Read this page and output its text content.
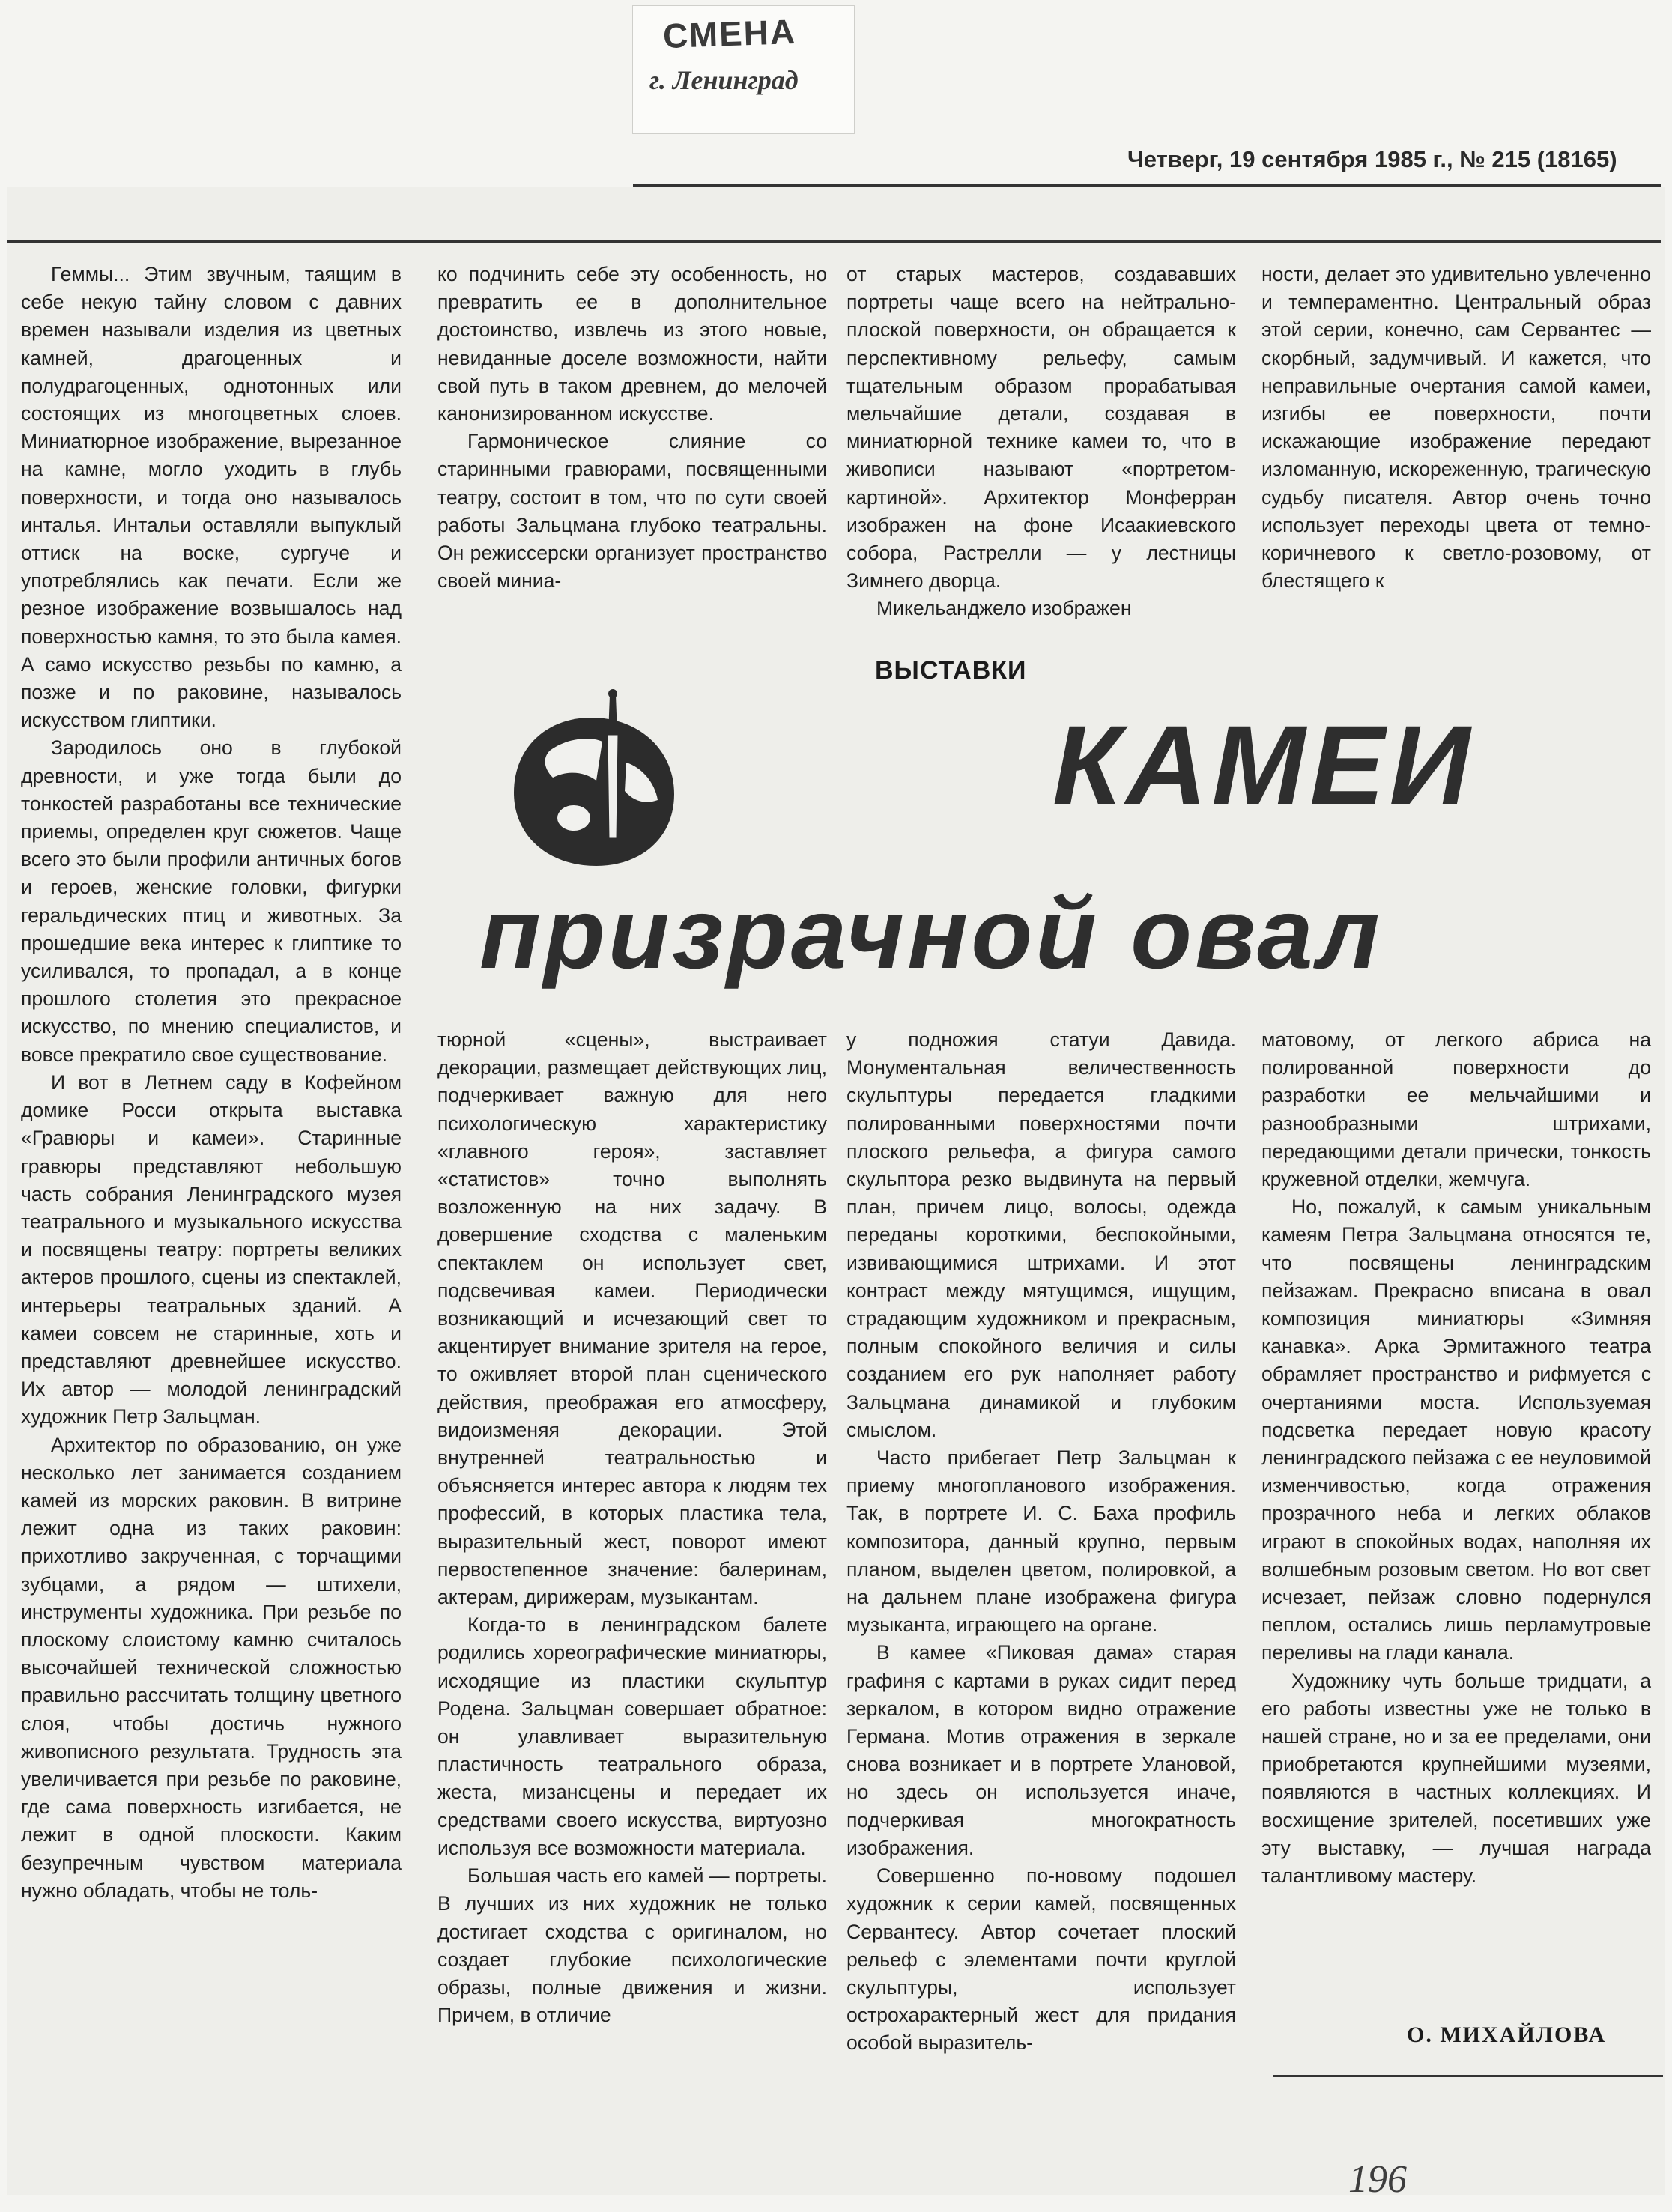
СМЕНА
г. Ленинград
Четверг, 19 сентября 1985 г., № 215 (18165)

Геммы... Этим звучным, таящим в себе некую тайну словом с давних времен называли изделия из цветных камней, драгоценных и полудрагоценных, однотонных или состоящих из многоцветных слоев. Миниатюрное изображение, вырезанное на камне, могло уходить в глубь поверхности, и тогда оно называлось инталья. Интальи оставляли выпуклый оттиск на воске, сургуче и употреблялись как печати. Если же резное изображение возвышалось над поверхностью камня, то это была камея. А само искусство резьбы по камню, а позже и по раковине, называлось искусством глиптики.

Зародилось оно в глубокой древности, и уже тогда были до тонкостей разработаны все технические приемы, определен круг сюжетов. Чаще всего это были профили античных богов и героев, женские головки, фигурки геральдических птиц и животных. За прошедшие века интерес к глиптике то усиливался, то пропадал, а в конце прошлого столетия это прекрасное искусство, по мнению специалистов, и вовсе прекратило свое существование.

И вот в Летнем саду в Кофейном домике Росси открыта выставка «Гравюры и камеи». Старинные гравюры представляют небольшую часть собрания Ленинградского музея театрального и музыкального искусства и посвящены театру: портреты великих актеров прошлого, сцены из спектаклей, интерьеры театральных зданий. А камеи совсем не старинные, хоть и представляют древнейшее искусство. Их автор — молодой ленинградский художник Петр Зальцман.

Архитектор по образованию, он уже несколько лет занимается созданием камей из морских раковин. В витрине лежит одна из таких раковин: прихотливо закрученная, с торчащими зубцами, а рядом — штихели, инструменты художника. При резьбе по плоскому слоистому камню считалось высочайшей технической сложностью правильно рассчитать толщину цветного слоя, чтобы достичь нужного живописного результата. Трудность эта увеличивается при резьбе по раковине, где сама поверхность изгибается, не лежит в одной плоскости. Каким безупречным чувством материала нужно обладать, чтобы не толь-

ко подчинить себе эту особенность, но превратить ее в дополнительное достоинство, извлечь из этого новые, невиданные доселе возможности, найти свой путь в таком древнем, до мелочей канонизированном искусстве.

Гармоническое слияние со старинными гравюрами, посвященными театру, состоит в том, что по сути своей работы Зальцмана глубоко театральны. Он режиссерски организует пространство своей миниа-

от старых мастеров, создававших портреты чаще всего на нейтрально-плоской поверхности, он обращается к перспективному рельефу, самым тщательным образом прорабатывая мельчайшие детали, создавая в миниатюрной технике камеи то, что в живописи называют «портретом-картиной». Архитектор Монферран изображен на фоне Исаакиевского собора, Растрелли — у лестницы Зимнего дворца.

Микельанджело изображен

ности, делает это удивительно увлеченно и темпераментно. Центральный образ этой серии, конечно, сам Сервантес — скорбный, задумчивый. И кажется, что неправильные очертания самой камеи, изгибы ее поверхности, почти искажающие изображение передают изломанную, искореженную, трагическую судьбу писателя. Автор очень точно использует переходы цвета от темно-коричневого к светло-розовому, от блестящего к

ВЫСТАВКИ
КАМЕИ
призрачной овал

тюрной «сцены», выстраивает декорации, размещает действующих лиц, подчеркивает важную для него психологическую характеристику «главного героя», заставляет «статистов» точно выполнять возложенную на них задачу. В довершение сходства с маленьким спектаклем он использует свет, подсвечивая камеи. Периодически возникающий и исчезающий свет то акцентирует внимание зрителя на герое, то оживляет второй план сценического действия, преображая его атмосферу, видоизменяя декорации. Этой внутренней театральностью и объясняется интерес автора к людям тех профессий, в которых пластика тела, выразительный жест, поворот имеют первостепенное значение: балеринам, актерам, дирижерам, музыкантам.

Когда-то в ленинградском балете родились хореографические миниатюры, исходящие из пластики скульптур Родена. Зальцман совершает обратное: он улавливает выразительную пластичность театрального образа, жеста, мизансцены и передает их средствами своего искусства, виртуозно используя все возможности материала.

Большая часть его камей — портреты. В лучших из них художник не только достигает сходства с оригиналом, но создает глубокие психологические образы, полные движения и жизни. Причем, в отличие

у подножия статуи Давида. Монументальная величественность скульптуры передается гладкими полированными поверхностями почти плоского рельефа, а фигура самого скульптора резко выдвинута на первый план, причем лицо, волосы, одежда переданы короткими, беспокойными, извивающимися штрихами. И этот контраст между мятущимся, ищущим, страдающим художником и прекрасным, полным спокойного величия и силы созданием его рук наполняет работу Зальцмана динамикой и глубоким смыслом.

Часто прибегает Петр Зальцман к приему многопланового изображения. Так, в портрете И. С. Баха профиль композитора, данный крупно, первым планом, выделен цветом, полировкой, а на дальнем плане изображена фигура музыканта, играющего на органе.

В камее «Пиковая дама» старая графиня с картами в руках сидит перед зеркалом, в котором видно отражение Германа. Мотив отражения в зеркале снова возникает и в портрете Улановой, но здесь он используется иначе, подчеркивая многократность изображения.

Совершенно по-новому подошел художник к серии камей, посвященных Сервантесу. Автор сочетает плоский рельеф с элементами почти круглой скульптуры, использует острохарактерный жест для придания особой выразитель-

матовому, от легкого абриса на полированной поверхности до разработки ее мельчайшими и разнообразными штрихами, передающими детали прически, тонкость кружевной отделки, жемчуга.

Но, пожалуй, к самым уникальным камеям Петра Зальцмана относятся те, что посвящены ленинградским пейзажам. Прекрасно вписана в овал композиция миниатюры «Зимняя канавка». Арка Эрмитажного театра обрамляет пространство и рифмуется с очертаниями моста. Используемая подсветка передает новую красоту ленинградского пейзажа с ее неуловимой изменчивостью, когда отражения прозрачного неба и легких облаков играют в спокойных водах, наполняя их волшебным розовым светом. Но вот свет исчезает, пейзаж словно подернулся пеплом, остались лишь перламутровые переливы на глади канала.

Художнику чуть больше тридцати, а его работы известны уже не только в нашей стране, но и за ее пределами, они приобретаются крупнейшими музеями, появляются в частных коллекциях. И восхищение зрителей, посетивших уже эту выставку, — лучшая награда талантливому мастеру.

О. МИХАЙЛОВА
196
